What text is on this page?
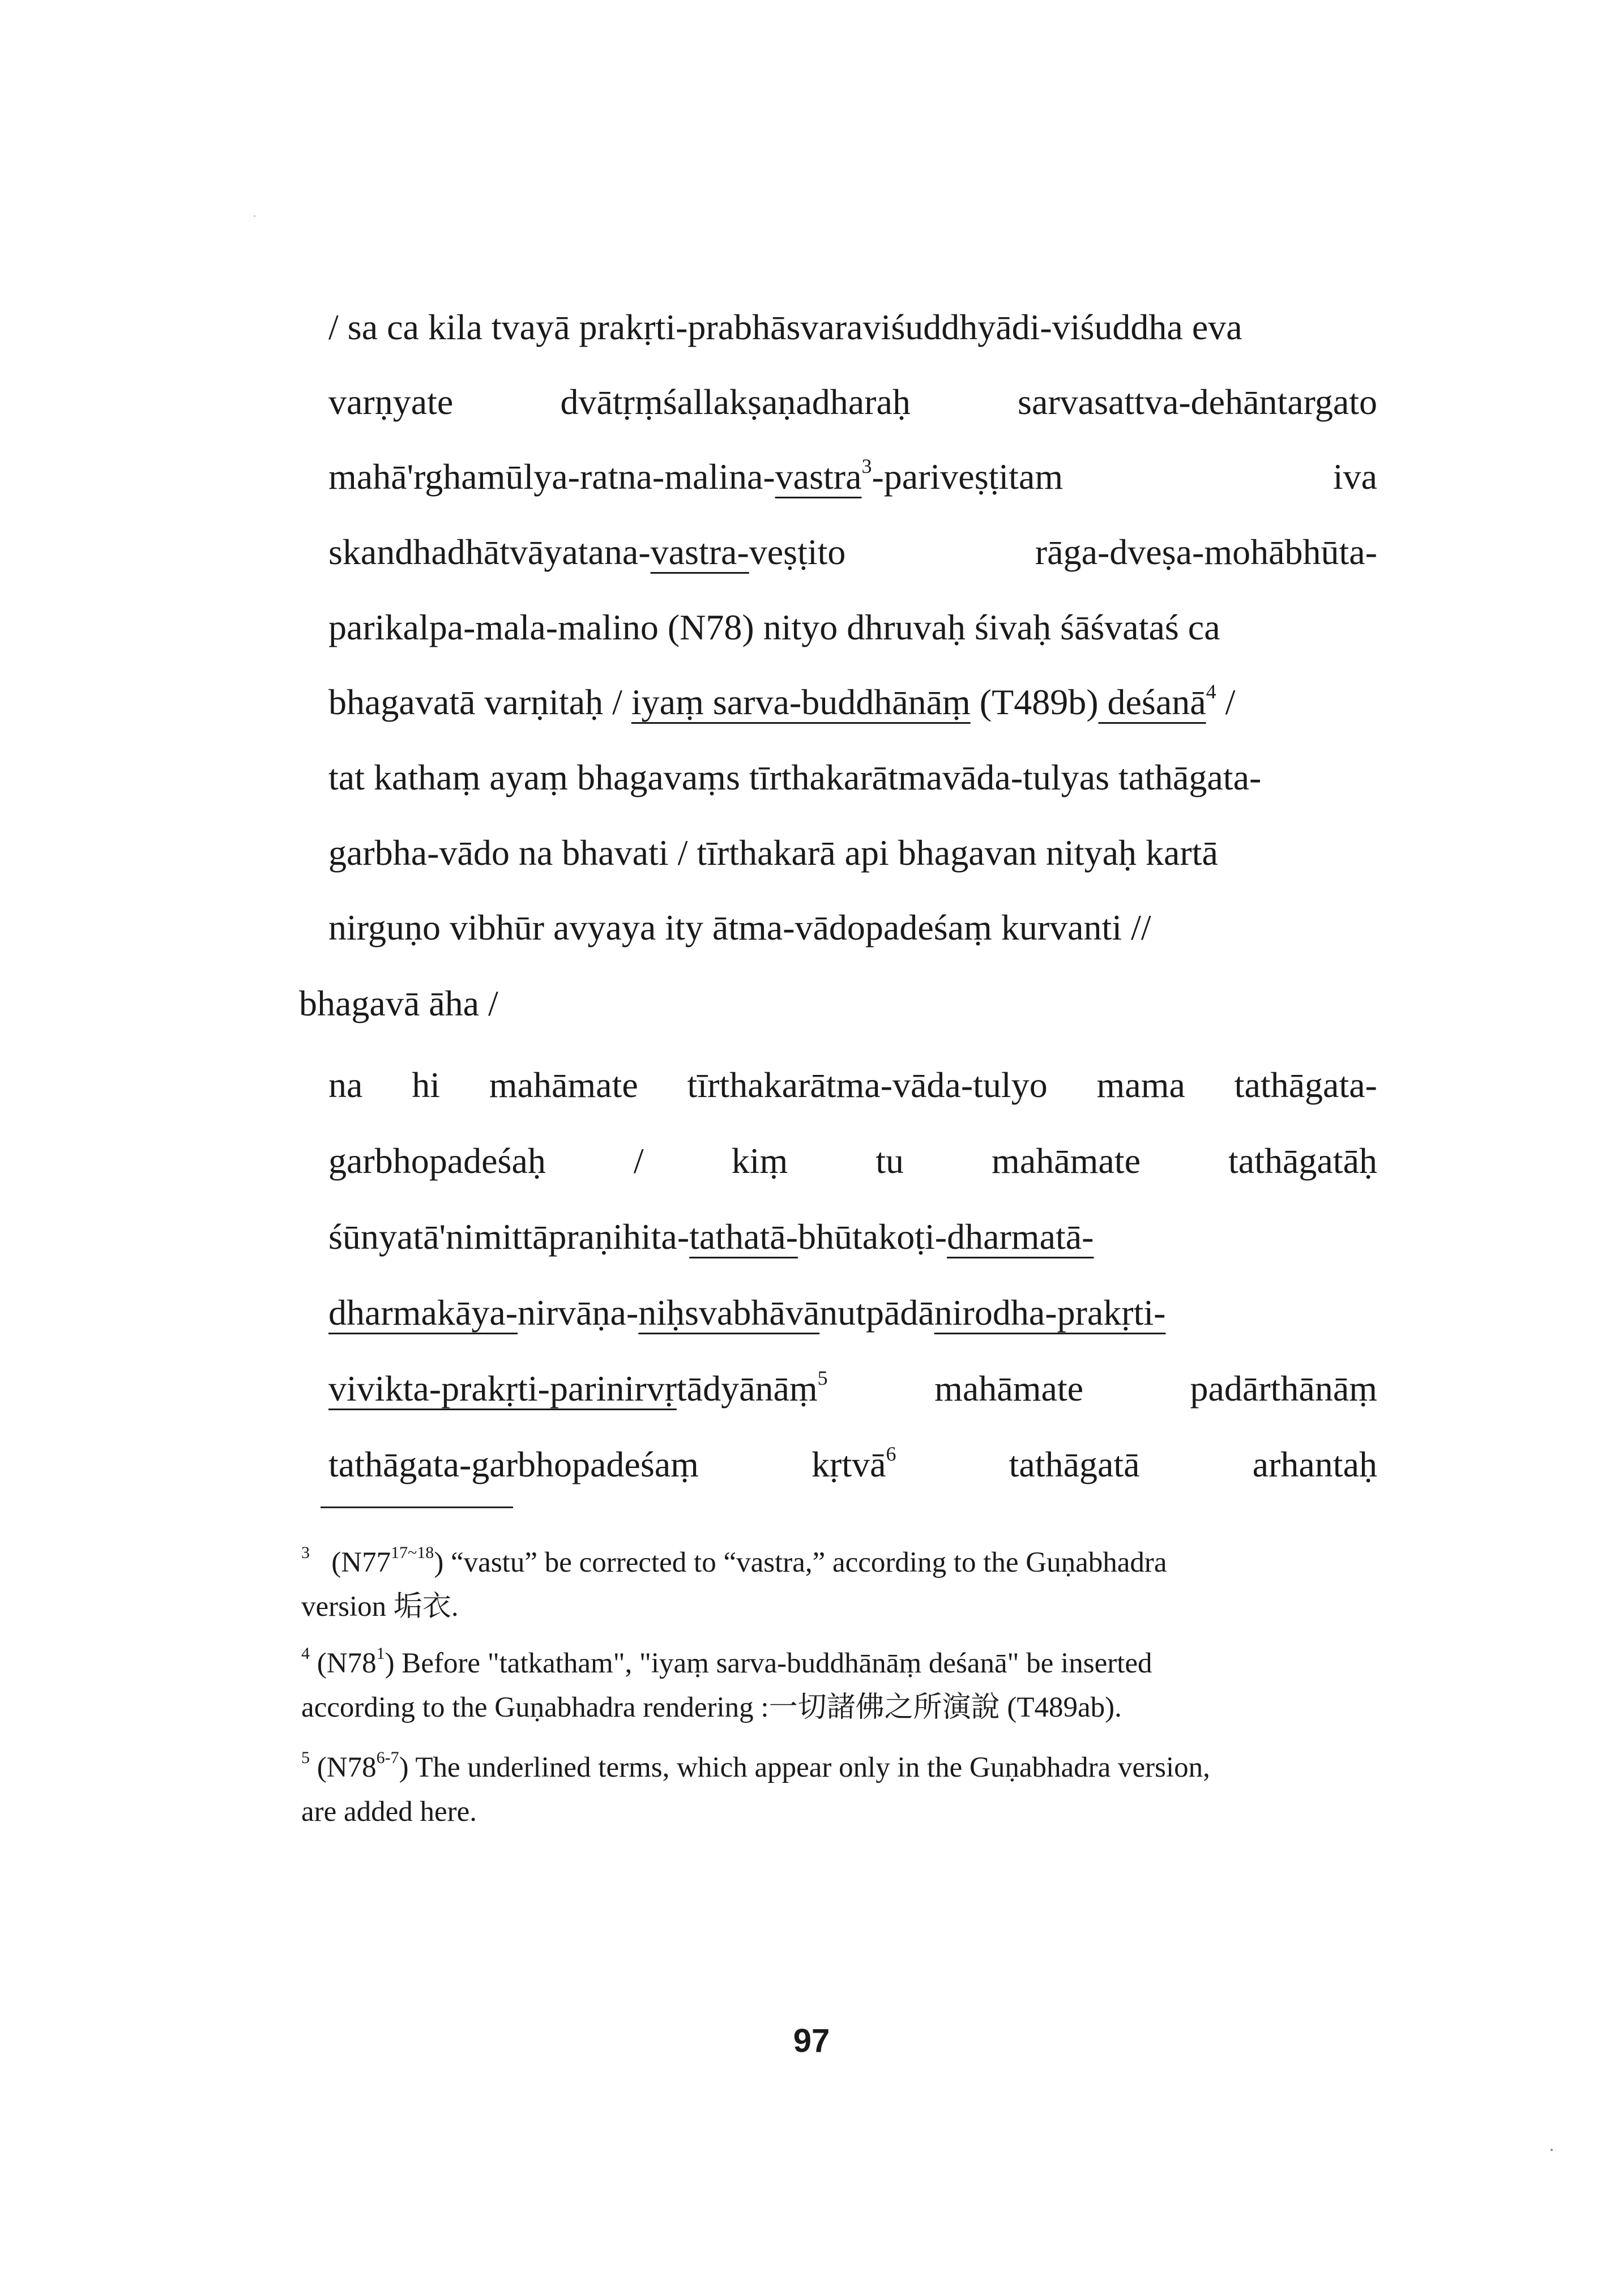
/ sa ca kila tvayā prakṛti-prabhāsvaraviśuddhyādi-viśuddha eva
varṇyate	dvātṛṃśallakṣaṇadharaḥ	sarvasattva-dehāntargato
mahā'rghamūlya-ratna-malina-vastra$^3$-pariveṣṭitam	iva
skandhadhātvāyatana-vastra-veṣṭito	rāga-dveṣa-mohābhūta-
parikalpa-mala-malino (N78) nityo dhruvaḥ śivaḥ śāśvataś ca
bhagavatā varṇitaḥ / iyaṃ sarva-buddhānāṃ (T489b) deśanā$^4$ /
tat kathaṃ ayaṃ bhagavaṃs tīrthakarātmavāda-tulyas tathāgata-
garbha-vādo na bhavati / tīrthakarā api bhagavan nityaḥ kartā
nirguṇo vibhūr avyaya ity ātma-vādopadeśaṃ kurvanti //
bhagavā āha /
na hi mahāmate tīrthakarātma-vāda-tulyo mama tathāgata-
garbhopadeśaḥ / kiṃ tu mahāmate tathāgatāḥ
śūnyatā'nimittāpraṇihita-tathatā-bhūtakoṭi-dharmatā-
dharmakāya-nirvāṇa-niḥsvabhāvānutpādānirodha-prakṛti-
vivikta-prakṛti-parinirvṛtādyānāṃ$^5$	mahāmate	padārthānāṃ
tathāgata-garbhopadeśaṃ	kṛtvā$^6$	tathāgatā	arhantaḥ
$^3$ $(N77^{17\sim 18})$ “vastu” be corrected to “vastra,” according to the Guṇabhadra
version 垢衣.
$^4$ $(N78^1)$ Before "tatkatham", "iyaṃ sarva-buddhānāṃ deśanā" be inserted
according to the Guṇabhadra rendering :一切諸佛之所演說 (T489ab).
$^5$ (N78$^{6-7}$) The underlined terms, which appear only in the Guṇabhadra version,
are added here.
97
